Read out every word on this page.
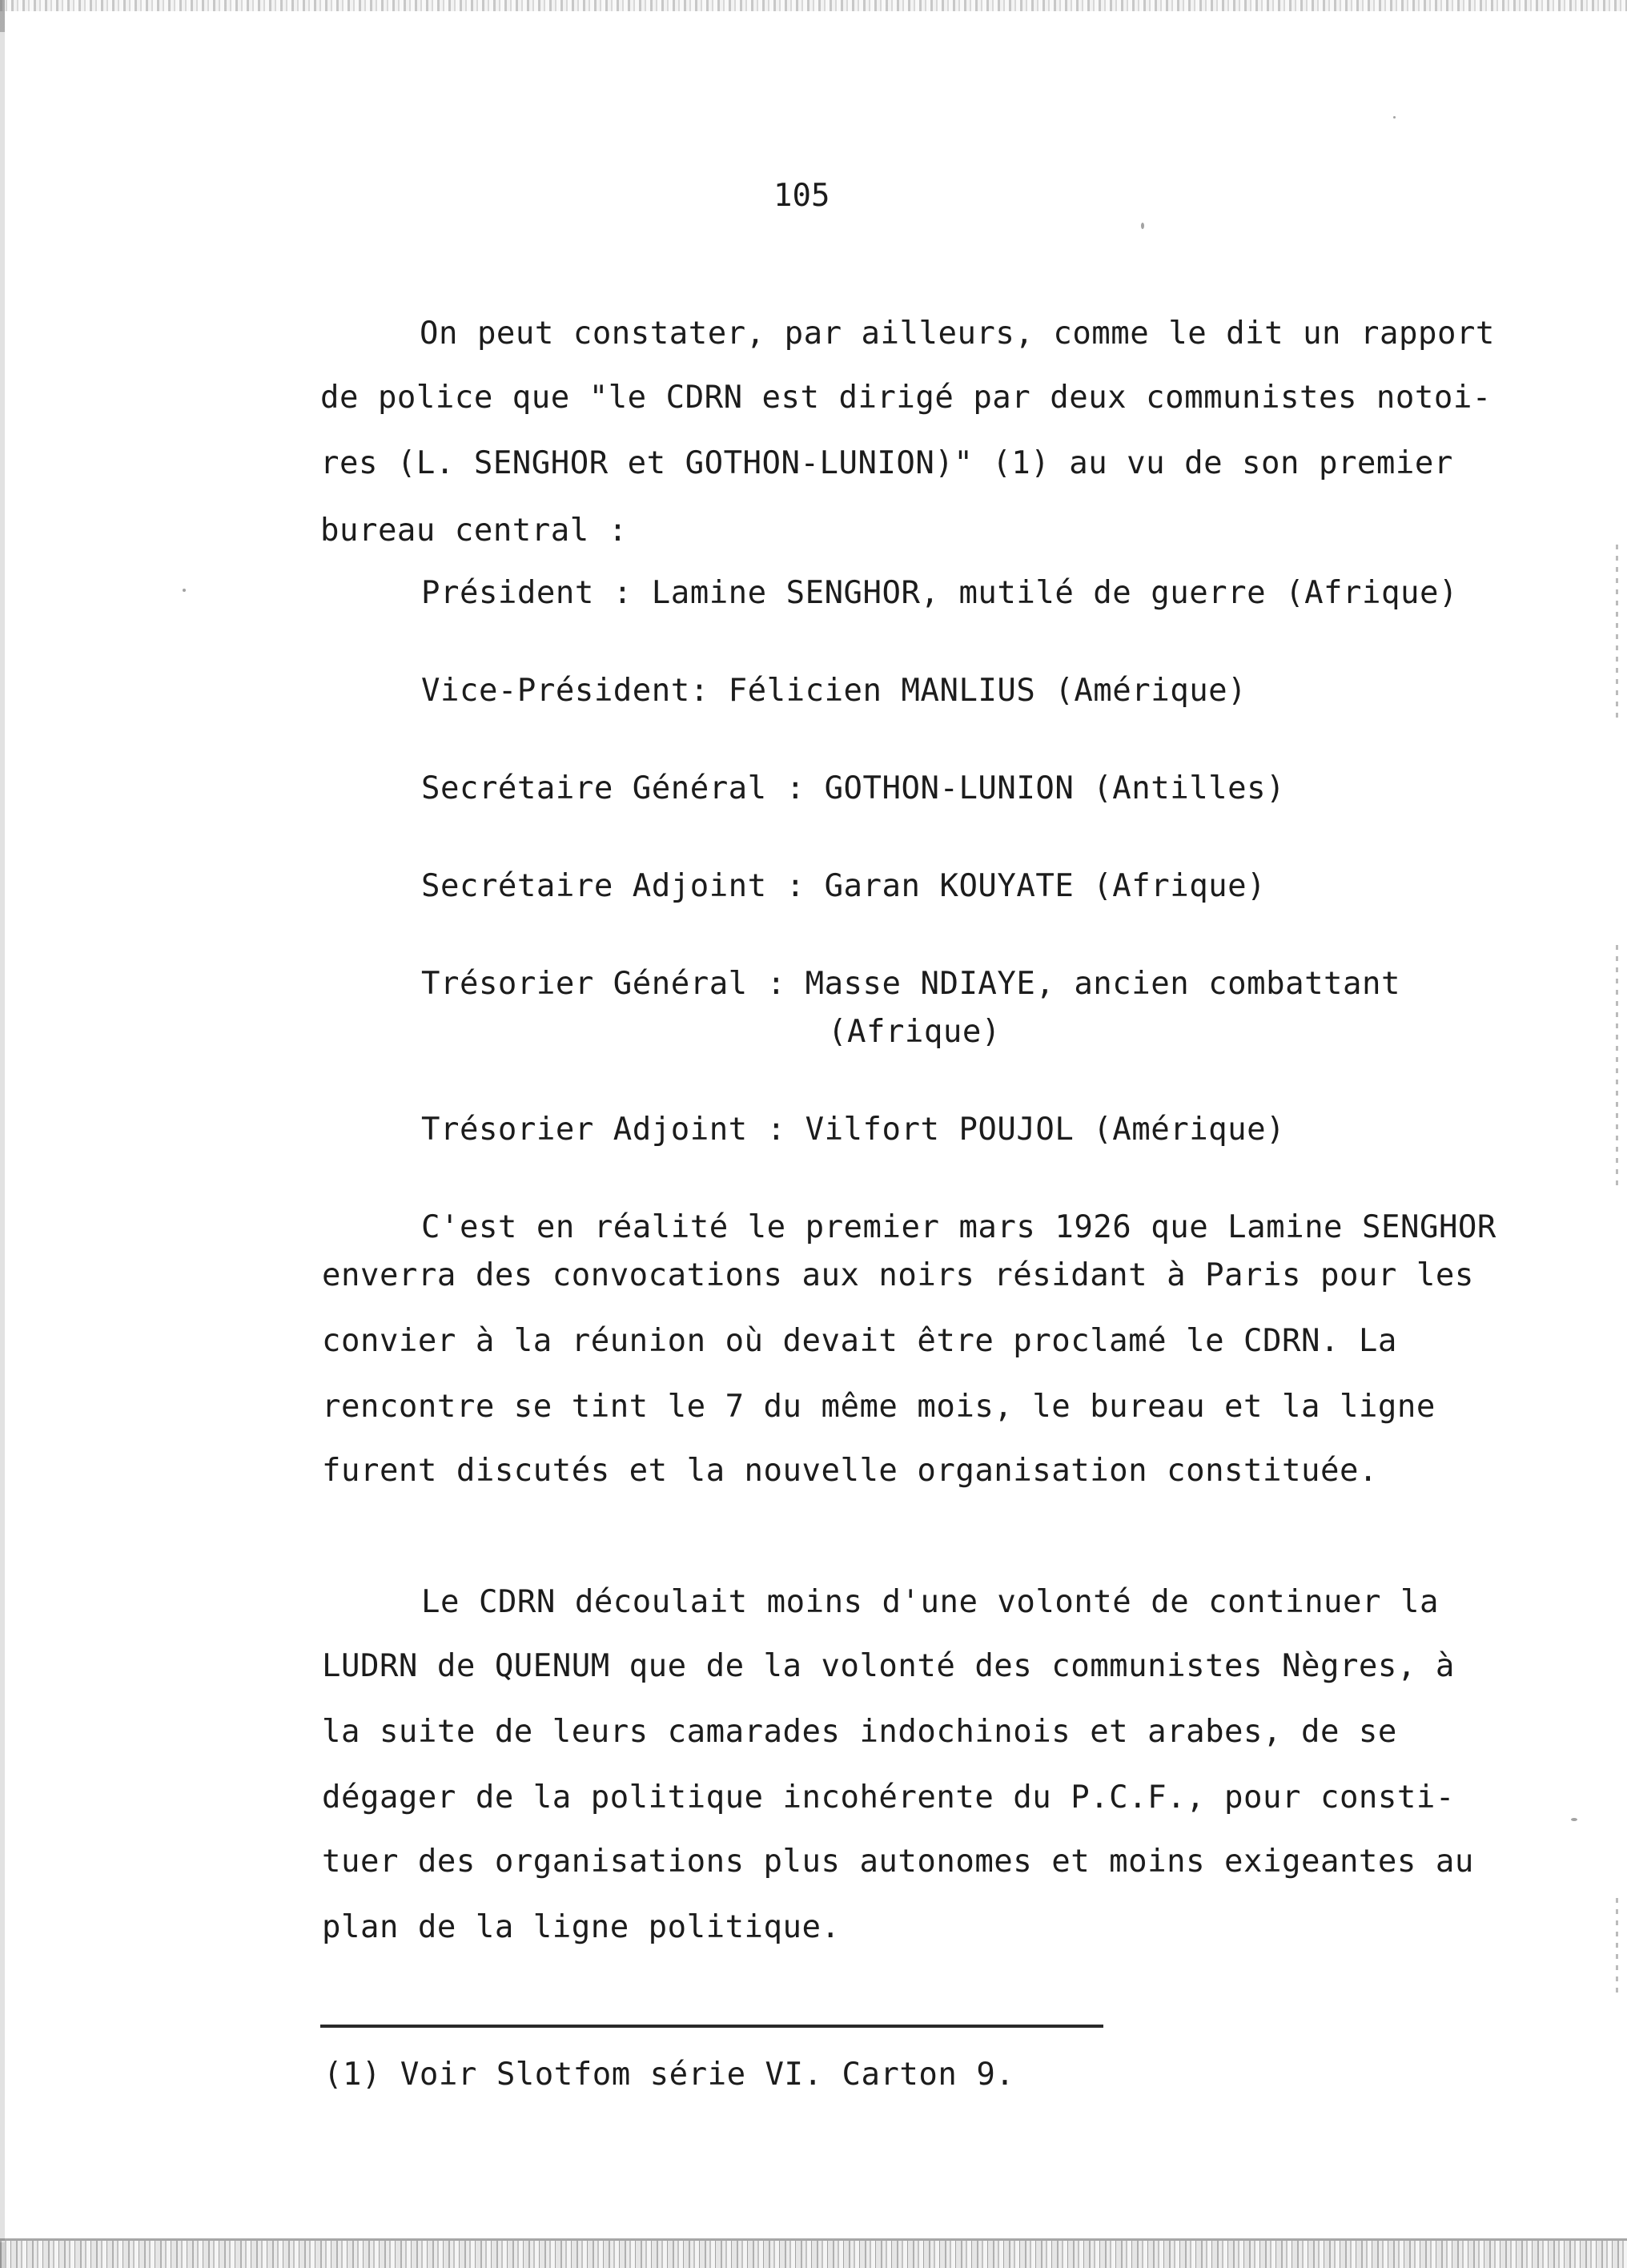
105
On peut constater, par ailleurs, comme le dit un rapport
de police que "le CDRN est dirigé par deux communistes notoi-
res (L. SENGHOR et GOTHON-LUNION)" (1) au vu de son premier
bureau central :
Président : Lamine SENGHOR, mutilé de guerre (Afrique)
Vice-Président: Félicien MANLIUS (Amérique)
Secrétaire Général : GOTHON-LUNION (Antilles)
Secrétaire Adjoint : Garan KOUYATE (Afrique)
Trésorier Général : Masse NDIAYE, ancien combattant
(Afrique)
Trésorier Adjoint : Vilfort POUJOL (Amérique)
C'est en réalité le premier mars 1926 que Lamine SENGHOR
enverra des convocations aux noirs résidant à Paris pour les
convier à la réunion où devait être proclamé le CDRN. La
rencontre se tint le 7 du même mois, le bureau et la ligne
furent discutés et la nouvelle organisation constituée.
Le CDRN découlait moins d'une volonté de continuer la
LUDRN de QUENUM que de la volonté des communistes Nègres, à
la suite de leurs camarades indochinois et arabes, de se
dégager de la politique incohérente du P.C.F., pour consti-
tuer des organisations plus autonomes et moins exigeantes au
plan de la ligne politique.
(1) Voir Slotfom série VI. Carton 9.
